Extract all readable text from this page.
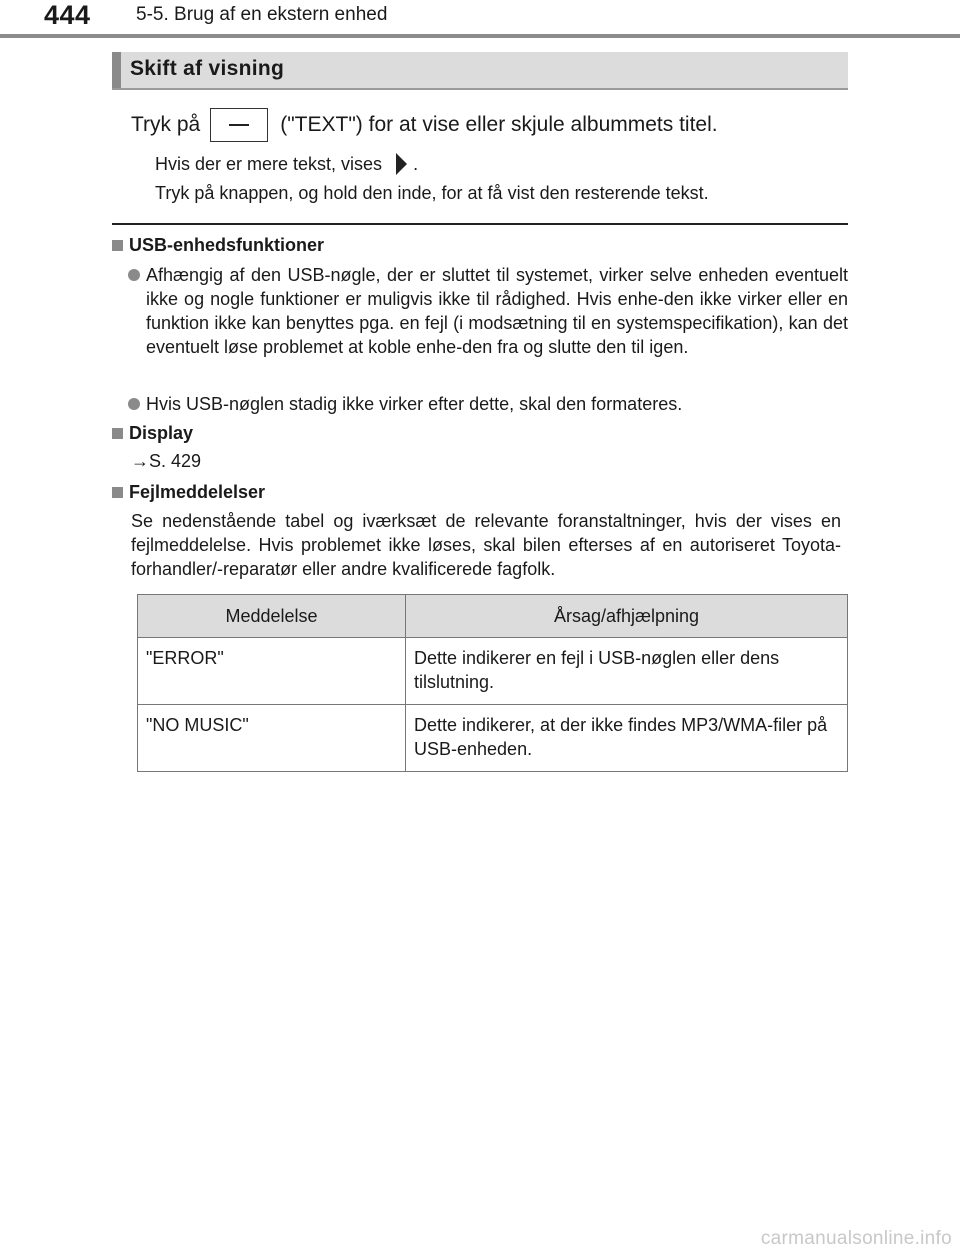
444 5-5. Brug af en ekstern enhed
Skift af visning
Tryk på	("TEXT") for at vise eller skjule albummets titel.
Hvis der er mere tekst, vises .
Tryk på knappen, og hold den inde, for at få vist den resterende tekst.
USB-enhedsfunktioner
Afhængig af den USB-nøgle, der er sluttet til systemet, virker selve enheden eventuelt ikke og nogle funktioner er muligvis ikke til rådighed. Hvis enhe-den ikke virker eller en funktion ikke kan benyttes pga. en fejl (i modsætning til en systemspecifikation), kan det eventuelt løse problemet at koble enhe-den fra og slutte den til igen.
Hvis USB-nøglen stadig ikke virker efter dette, skal den formateres.
Display
→S. 429
Fejlmeddelelser
Se nedenstående tabel og iværksæt de relevante foranstaltninger, hvis der vises en fejlmeddelelse. Hvis problemet ikke løses, skal bilen efterses af en autoriseret Toyota-forhandler/-reparatør eller andre kvalificerede fagfolk.
Meddelelse	Årsag/afhjælpning
"ERROR"	Dette indikerer en fejl i USB-nøglen eller dens tilslutning.
"NO MUSIC"	Dette indikerer, at der ikke findes MP3/WMA-filer på USB-enheden.
carmanualsonline.info
